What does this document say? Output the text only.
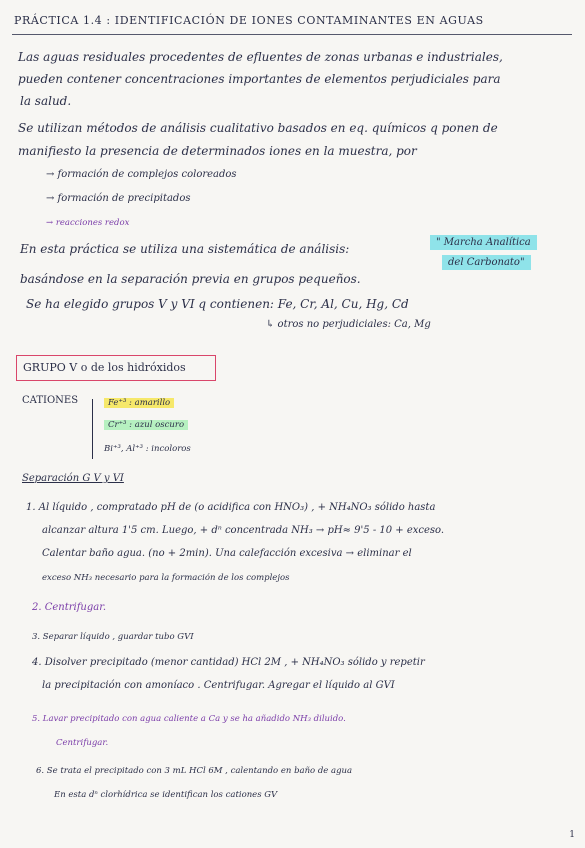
PRÁCTICA 1.4 : IDENTIFICACIÓN DE IONES CONTAMINANTES EN AGUAS
Las aguas residuales procedentes de efluentes de zonas urbanas e industriales,
pueden contener concentraciones importantes de elementos perjudiciales para
la salud.
Se utilizan métodos de análisis cualitativo basados en eq. químicos q ponen de
manifiesto la presencia de determinados iones en la muestra, por
→ formación de complejos coloreados
→ formación de precipitados
→ reacciones redox
En esta práctica se utiliza una sistemática de análisis:	" Marcha Analítica
del Carbonato"
basándose en la separación previa en grupos pequeños.
Se ha elegido grupos V y VI q contienen: Fe, Cr, Al, Cu, Hg, Cd
↳ otros no perjudiciales: Ca, Mg
GRUPO V o de los hidróxidos
CATIONES	Fe⁺³ : amarillo
Cr⁺³ : azul oscuro
Bi⁺³, Al⁺³ : incoloros
Separación G V y VI
1. Al líquido , compratado pH de (o acidifica con HNO₃) , + NH₄NO₃ sólido hasta
alcanzar altura 1'5 cm. Luego, + dⁿ concentrada NH₃ → pH≈ 9'5 - 10 + exceso.
Calentar baño agua. (no + 2min). Una calefacción excesiva → eliminar el
exceso NH₃ necesario para la formación de los complejos
2. Centrifugar.
3. Separar líquido , guardar tubo GVI
4. Disolver precipitado (menor cantidad) HCl 2M , + NH₄NO₃ sólido y repetir
la precipitación con amoníaco . Centrifugar. Agregar el líquido al GVI
5. Lavar precipitado con agua caliente a Ca y se ha añadido NH₃ diluido.
Centrifugar.
6. Se trata el precipitado con 3 mL HCl 6M , calentando en baño de agua
En esta dⁿ clorhídrica se identifican los cationes GV
1
